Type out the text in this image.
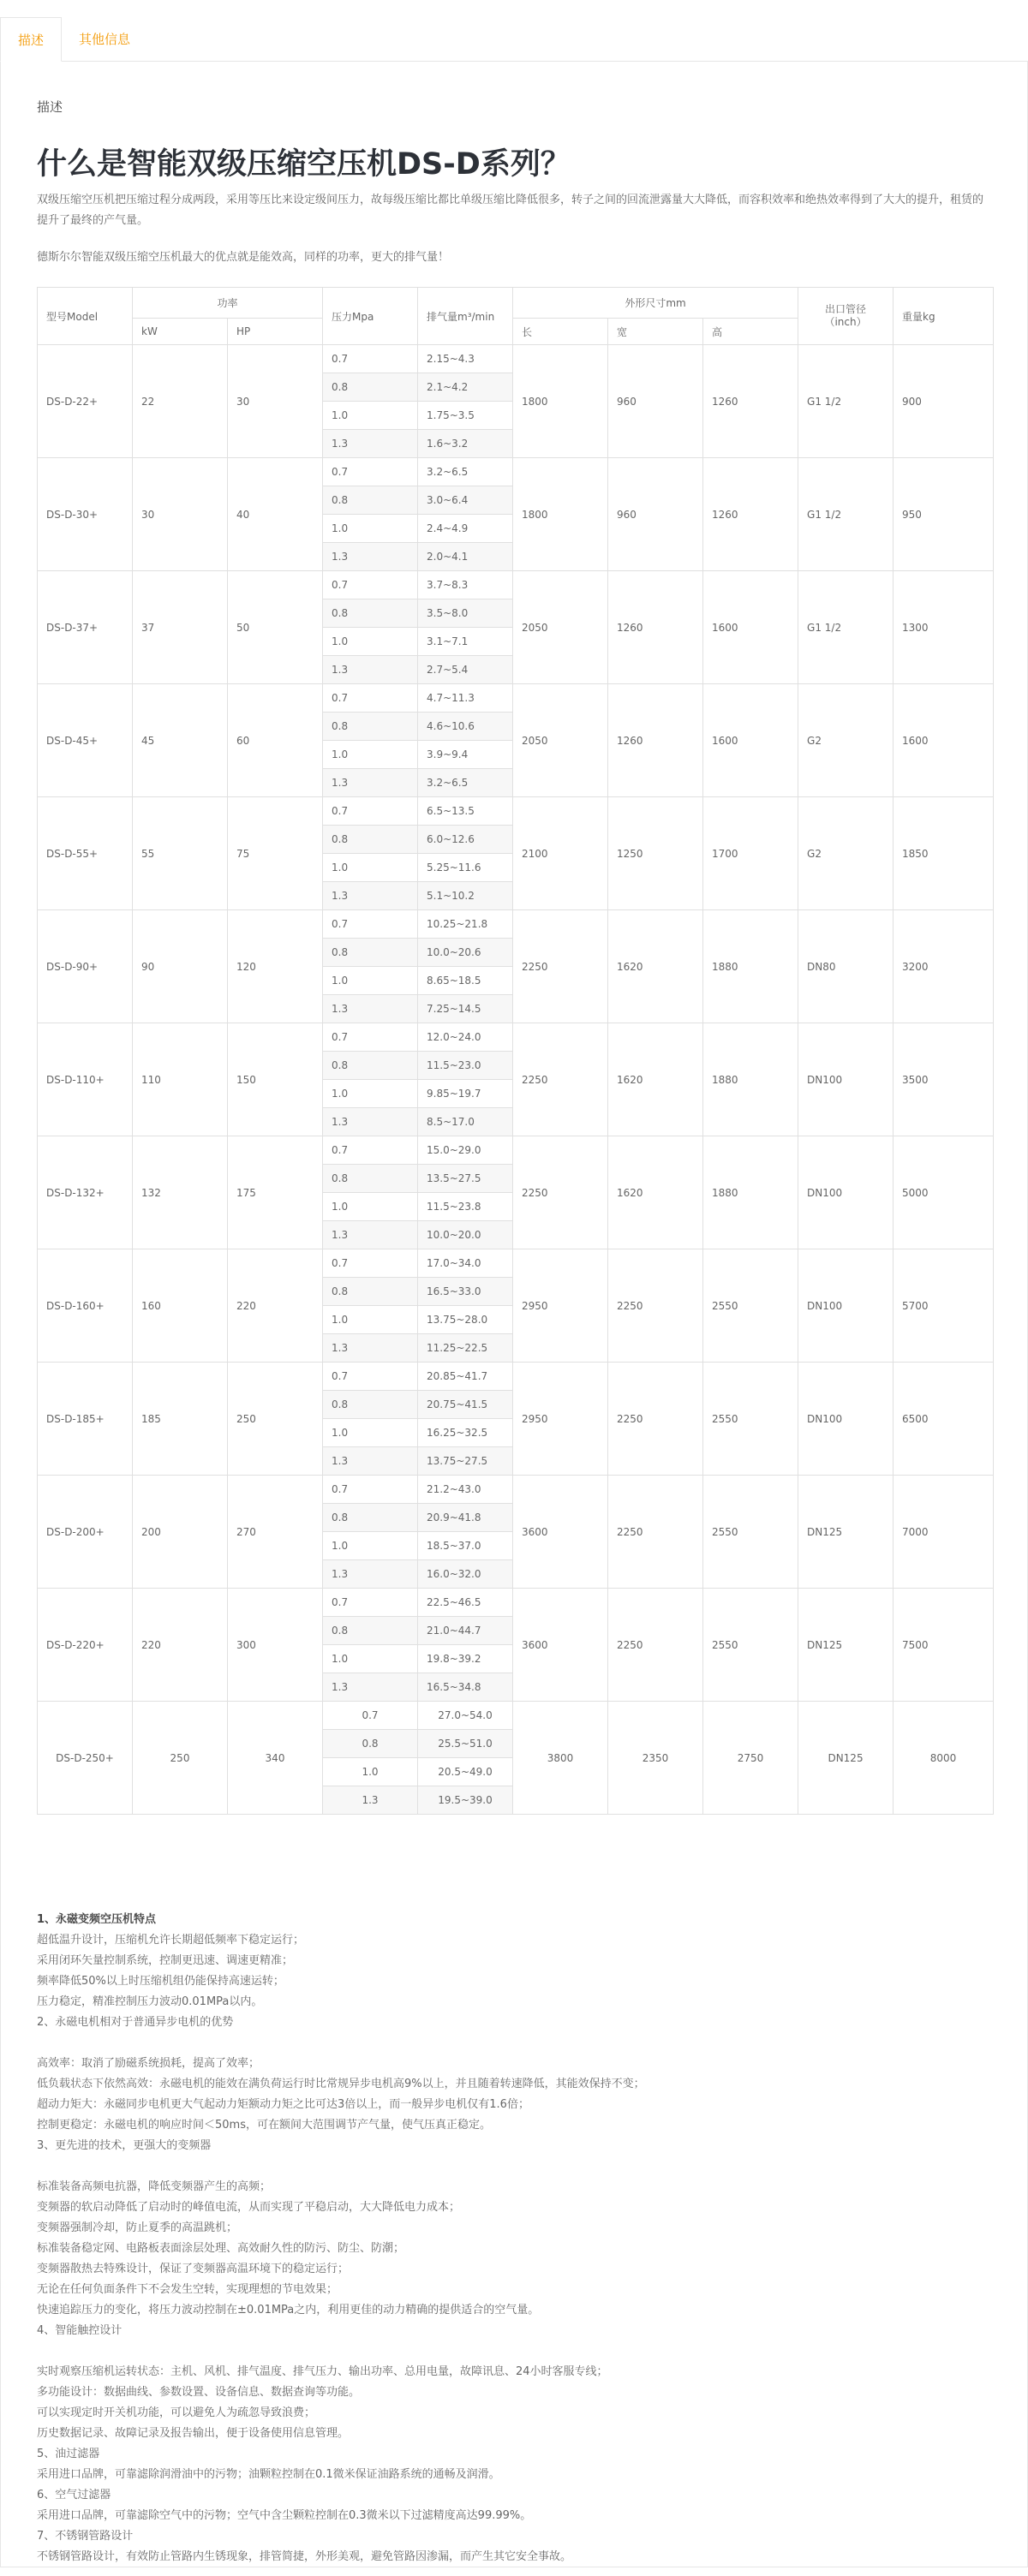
描述	其他信息
描述
什么是智能双级压缩空压机DS-D系列？
双级压缩空压机把压缩过程分成两段，采用等压比来设定级间压力，故每级压缩比都比单级压缩比降低很多，转子之间的回流泄露量大大降低，而容积效率和绝热效率得到了大大的提升，租赁的提升了最终的产气量。
德斯尔尔智能双级压缩空压机最大的优点就是能效高，同样的功率，更大的排气量！
型号Model	功率		压力Mpa	排气量m³/min	外形尺寸mm			出口管径（inch）	重量kg
	kW	HP			长	宽	高		
DS-D-22+	22	30	0.7	2.15~4.3	1800	960	1260	G1 1/2	900
			0.8	2.1~4.2					
			1.0	1.75~3.5					
			1.3	1.6~3.2					
DS-D-30+	30	40	0.7	3.2~6.5	1800	960	1260	G1 1/2	950
			0.8	3.0~6.4					
			1.0	2.4~4.9					
			1.3	2.0~4.1					
DS-D-37+	37	50	0.7	3.7~8.3	2050	1260	1600	G1 1/2	1300
			0.8	3.5~8.0					
			1.0	3.1~7.1					
			1.3	2.7~5.4					
DS-D-45+	45	60	0.7	4.7~11.3	2050	1260	1600	G2	1600
			0.8	4.6~10.6					
			1.0	3.9~9.4					
			1.3	3.2~6.5					
DS-D-55+	55	75	0.7	6.5~13.5	2100	1250	1700	G2	1850
			0.8	6.0~12.6					
			1.0	5.25~11.6					
			1.3	5.1~10.2					
DS-D-90+	90	120	0.7	10.25~21.8	2250	1620	1880	DN80	3200
			0.8	10.0~20.6					
			1.0	8.65~18.5					
			1.3	7.25~14.5					
DS-D-110+	110	150	0.7	12.0~24.0	2250	1620	1880	DN100	3500
			0.8	11.5~23.0					
			1.0	9.85~19.7					
			1.3	8.5~17.0					
DS-D-132+	132	175	0.7	15.0~29.0	2250	1620	1880	DN100	5000
			0.8	13.5~27.5					
			1.0	11.5~23.8					
			1.3	10.0~20.0					
DS-D-160+	160	220	0.7	17.0~34.0	2950	2250	2550	DN100	5700
			0.8	16.5~33.0					
			1.0	13.75~28.0					
			1.3	11.25~22.5					
DS-D-185+	185	250	0.7	20.85~41.7	2950	2250	2550	DN100	6500
			0.8	20.75~41.5					
			1.0	16.25~32.5					
			1.3	13.75~27.5					
DS-D-200+	200	270	0.7	21.2~43.0	3600	2250	2550	DN125	7000
			0.8	20.9~41.8					
			1.0	18.5~37.0					
			1.3	16.0~32.0					
DS-D-220+	220	300	0.7	22.5~46.5	3600	2250	2550	DN125	7500
			0.8	21.0~44.7					
			1.0	19.8~39.2					
			1.3	16.5~34.8					
DS-D-250+	250	340	0.7	27.0~54.0	3800	2350	2750	DN125	8000
			0.8	25.5~51.0					
			1.0	20.5~49.0					
			1.3	19.5~39.0					
1、永磁变频空压机特点
超低温升设计，压缩机允许长期超低频率下稳定运行；
采用闭环矢量控制系统，控制更迅速、调速更精准；
频率降低50%以上时压缩机组仍能保持高速运转；
压力稳定，精准控制压力波动0.01MPa以内。
2、永磁电机相对于普通异步电机的优势
高效率：取消了励磁系统损耗，提高了效率；
低负载状态下依然高效：永磁电机的能效在满负荷运行时比常规异步电机高9%以上，并且随着转速降低，其能效保持不变；
超动力矩大：永磁同步电机更大气起动力矩额动力矩之比可达3倍以上，而一般异步电机仅有1.6倍；
控制更稳定：永磁电机的响应时间＜50ms，可在额间大范围调节产气量，使气压真正稳定。
3、更先进的技术，更强大的变频器
标准装备高频电抗器，降低变频器产生的高频；
变频器的软启动降低了启动时的峰值电流，从而实现了平稳启动，大大降低电力成本；
变频器强制冷却，防止夏季的高温跳机；
标准装备稳定网、电路板表面涂层处理、高效耐久性的防污、防尘、防潮；
变频器散热去特殊设计，保证了变频器高温环境下的稳定运行；
无论在任何负面条件下不会发生空转，实现理想的节电效果；
快速追踪压力的变化，将压力波动控制在±0.01MPa之内，利用更佳的动力精确的提供适合的空气量。
4、智能触控设计
实时观察压缩机运转状态：主机、风机、排气温度、排气压力、输出功率、总用电量，故障讯息、24小时客服专线；
多功能设计：数据曲线、参数设置、设备信息、数据查询等功能。
可以实现定时开关机功能，可以避免人为疏忽导致浪费；
历史数据记录、故障记录及报告输出，便于设备使用信息管理。
5、油过滤器
采用进口品牌，可靠滤除润滑油中的污物；油颗粒控制在0.1微米保证油路系统的通畅及润滑。
6、空气过滤器
采用进口品牌，可靠滤除空气中的污物；空气中含尘颗粒控制在0.3微米以下过滤精度高达99.99%。
7、不锈钢管路设计
不锈钢管路设计，有效防止管路内生锈现象，排管简捷，外形美观，避免管路因渗漏，而产生其它安全事故。
